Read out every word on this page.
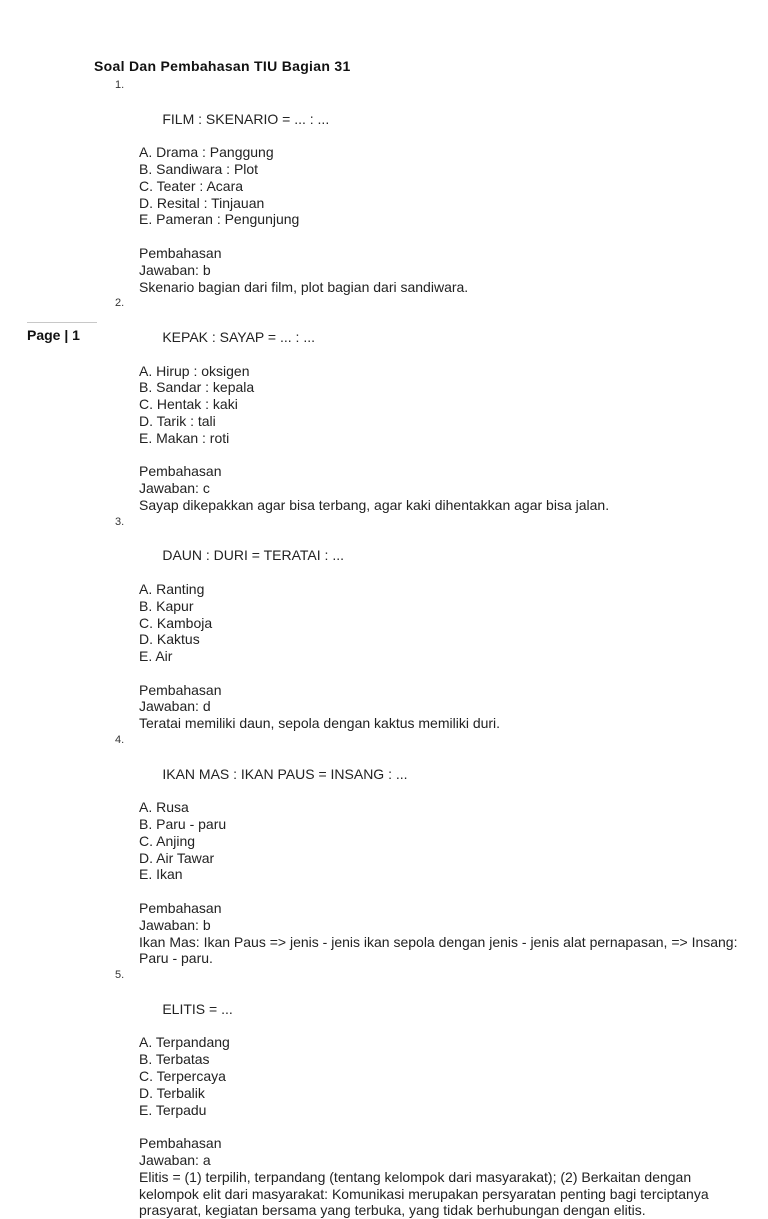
Page | 1
Soal Dan Pembahasan TIU Bagian 31

1.

FILM : SKENARIO = ... : ...

A. Drama : Panggung
B. Sandiwara : Plot
C. Teater : Acara
D. Resital : Tinjauan
E. Pameran : Pengunjung
Pembahasan
Jawaban: b
Skenario bagian dari film, plot bagian dari sandiwara.

2.

KEPAK : SAYAP = ... : ...

A. Hirup : oksigen
B. Sandar : kepala
C. Hentak : kaki
D. Tarik : tali
E. Makan : roti
Pembahasan
Jawaban: c
Sayap dikepakkan agar bisa terbang, agar kaki dihentakkan agar bisa jalan.

3.

DAUN : DURI = TERATAI : ...

A. Ranting
B. Kapur
C. Kamboja
D. Kaktus
E. Air
Pembahasan
Jawaban: d
Teratai memiliki daun, sepola dengan kaktus memiliki duri.

4.

IKAN MAS : IKAN PAUS = INSANG : ...

A. Rusa
B. Paru - paru
C. Anjing
D. Air Tawar
E. Ikan
Pembahasan
Jawaban: b
Ikan Mas: Ikan Paus => jenis - jenis ikan sepola dengan jenis - jenis alat pernapasan, => Insang: Paru - paru.

5.

ELITIS = ...

A. Terpandang
B. Terbatas
C. Terpercaya
D. Terbalik
E. Terpadu
Pembahasan
Jawaban: a
Elitis = (1) terpilih, terpandang (tentang kelompok dari masyarakat); (2) Berkaitan dengan kelompok elit dari masyarakat: Komunikasi merupakan persyaratan penting bagi terciptanya prasyarat, kegiatan bersama yang terbuka, yang tidak berhubungan dengan elitis.
